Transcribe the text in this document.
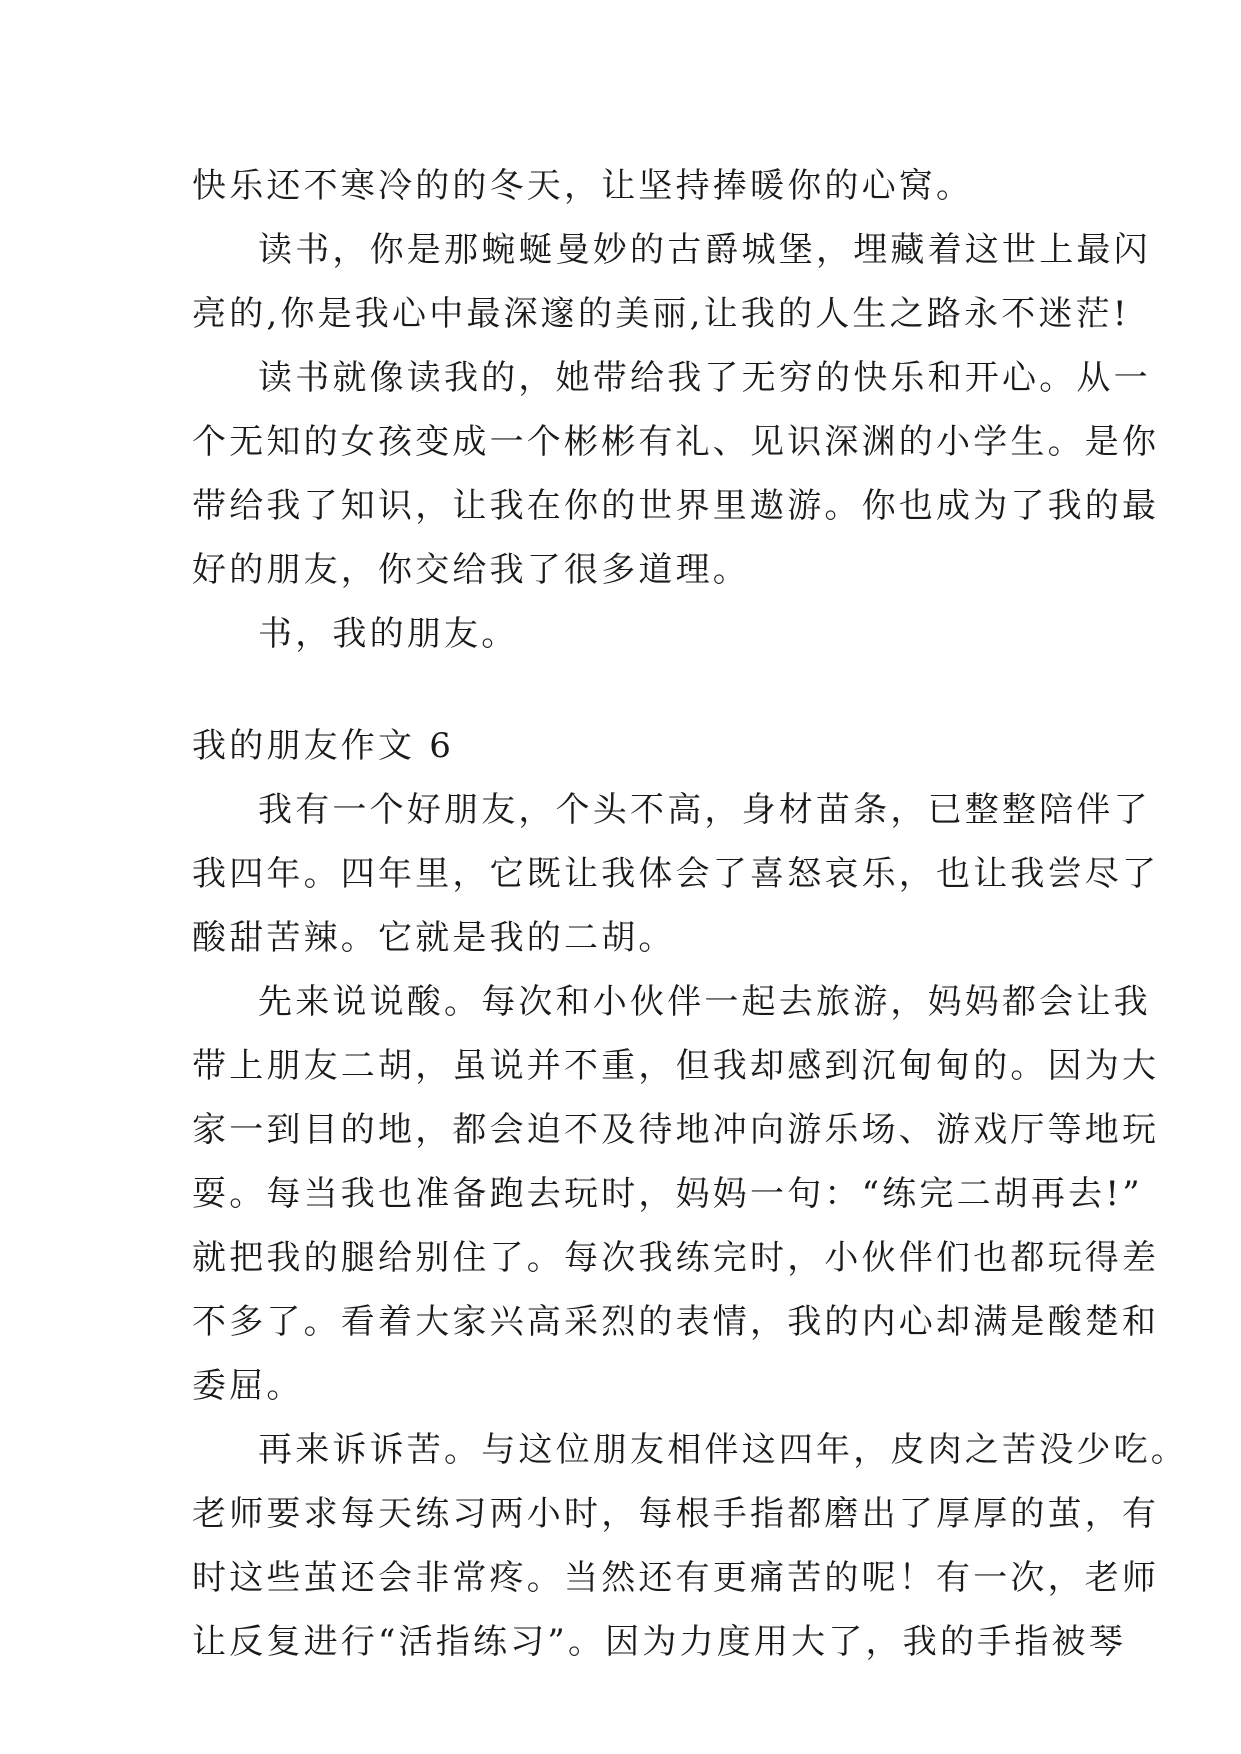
快乐还不寒冷的的冬天，让坚持捧暖你的心窝。
读书，你是那蜿蜒曼妙的古爵城堡，埋藏着这世上最闪
亮的,你是我心中最深邃的美丽,让我的人生之路永不迷茫!
读书就像读我的，她带给我了无穷的快乐和开心。从一
个无知的女孩变成一个彬彬有礼、见识深渊的小学生。是你
带给我了知识，让我在你的世界里遨游。你也成为了我的最
好的朋友，你交给我了很多道理。
书，我的朋友。
我的朋友作文 6
我有一个好朋友，个头不高，身材苗条，已整整陪伴了
我四年。四年里，它既让我体会了喜怒哀乐，也让我尝尽了
酸甜苦辣。它就是我的二胡。
先来说说酸。每次和小伙伴一起去旅游，妈妈都会让我
带上朋友二胡，虽说并不重，但我却感到沉甸甸的。因为大
家一到目的地，都会迫不及待地冲向游乐场、游戏厅等地玩
耍。每当我也准备跑去玩时，妈妈一句：“练完二胡再去!”
就把我的腿给别住了。每次我练完时，小伙伴们也都玩得差
不多了。看着大家兴高采烈的表情，我的内心却满是酸楚和
委屈。
再来诉诉苦。与这位朋友相伴这四年，皮肉之苦没少吃。
老师要求每天练习两小时，每根手指都磨出了厚厚的茧，有
时这些茧还会非常疼。当然还有更痛苦的呢！有一次，老师
让反复进行“活指练习”。因为力度用大了，我的手指被琴
